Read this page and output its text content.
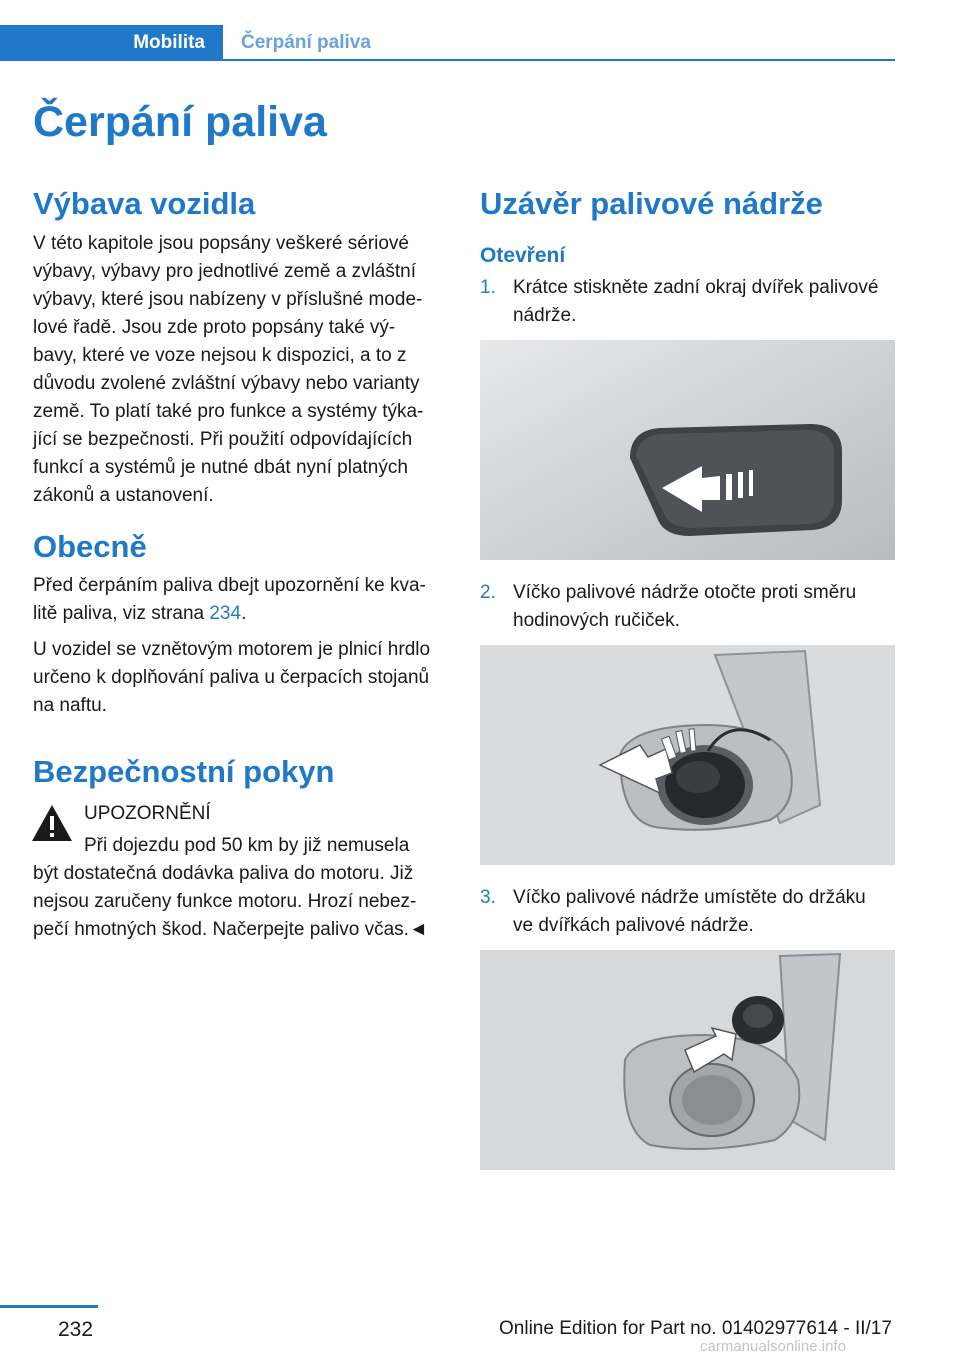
Mobilita	Čerpání paliva
Čerpání paliva
Výbava vozidla

V této kapitole jsou popsány veškeré sériové

výbavy, výbavy pro jednotlivé země a zvláštní

výbavy, které jsou nabízeny v příslušné mode‐

lové řadě. Jsou zde proto popsány také vý‐

bavy, které ve voze nejsou k dispozici, a to z

důvodu zvolené zvláštní výbavy nebo varianty

země. To platí také pro funkce a systémy týka‐

jící se bezpečnosti. Při použití odpovídajících

funkcí a systémů je nutné dbát nyní platných

zákonů a ustanovení.

Obecně

Před čerpáním paliva dbejt upozornění ke kva‐

litě paliva, viz strana 234.

U vozidel se vznětovým motorem je plnicí hrdlo

určeno k doplňování paliva u čerpacích stojanů

na naftu.

Bezpečnostní pokyn

UPOZORNĚNÍ

Při dojezdu pod 50 km by již nemusela

být dostatečná dodávka paliva do motoru. Již

nejsou zaručeny funkce motoru. Hrozí nebez‐

pečí hmotných škod. Načerpejte palivo včas.◄

Uzávěr palivové nádrže
Otevření
1. Krátce stiskněte zadní okraj dvířek palivové

nádrže.

2. Víčko palivové nádrže otočte proti směru

hodinových ručiček.

3. Víčko palivové nádrže umístěte do držáku

ve dvířkách palivové nádrže.

232	Online Edition for Part no. 01402977614 - II/17
carmanualsonline.info
